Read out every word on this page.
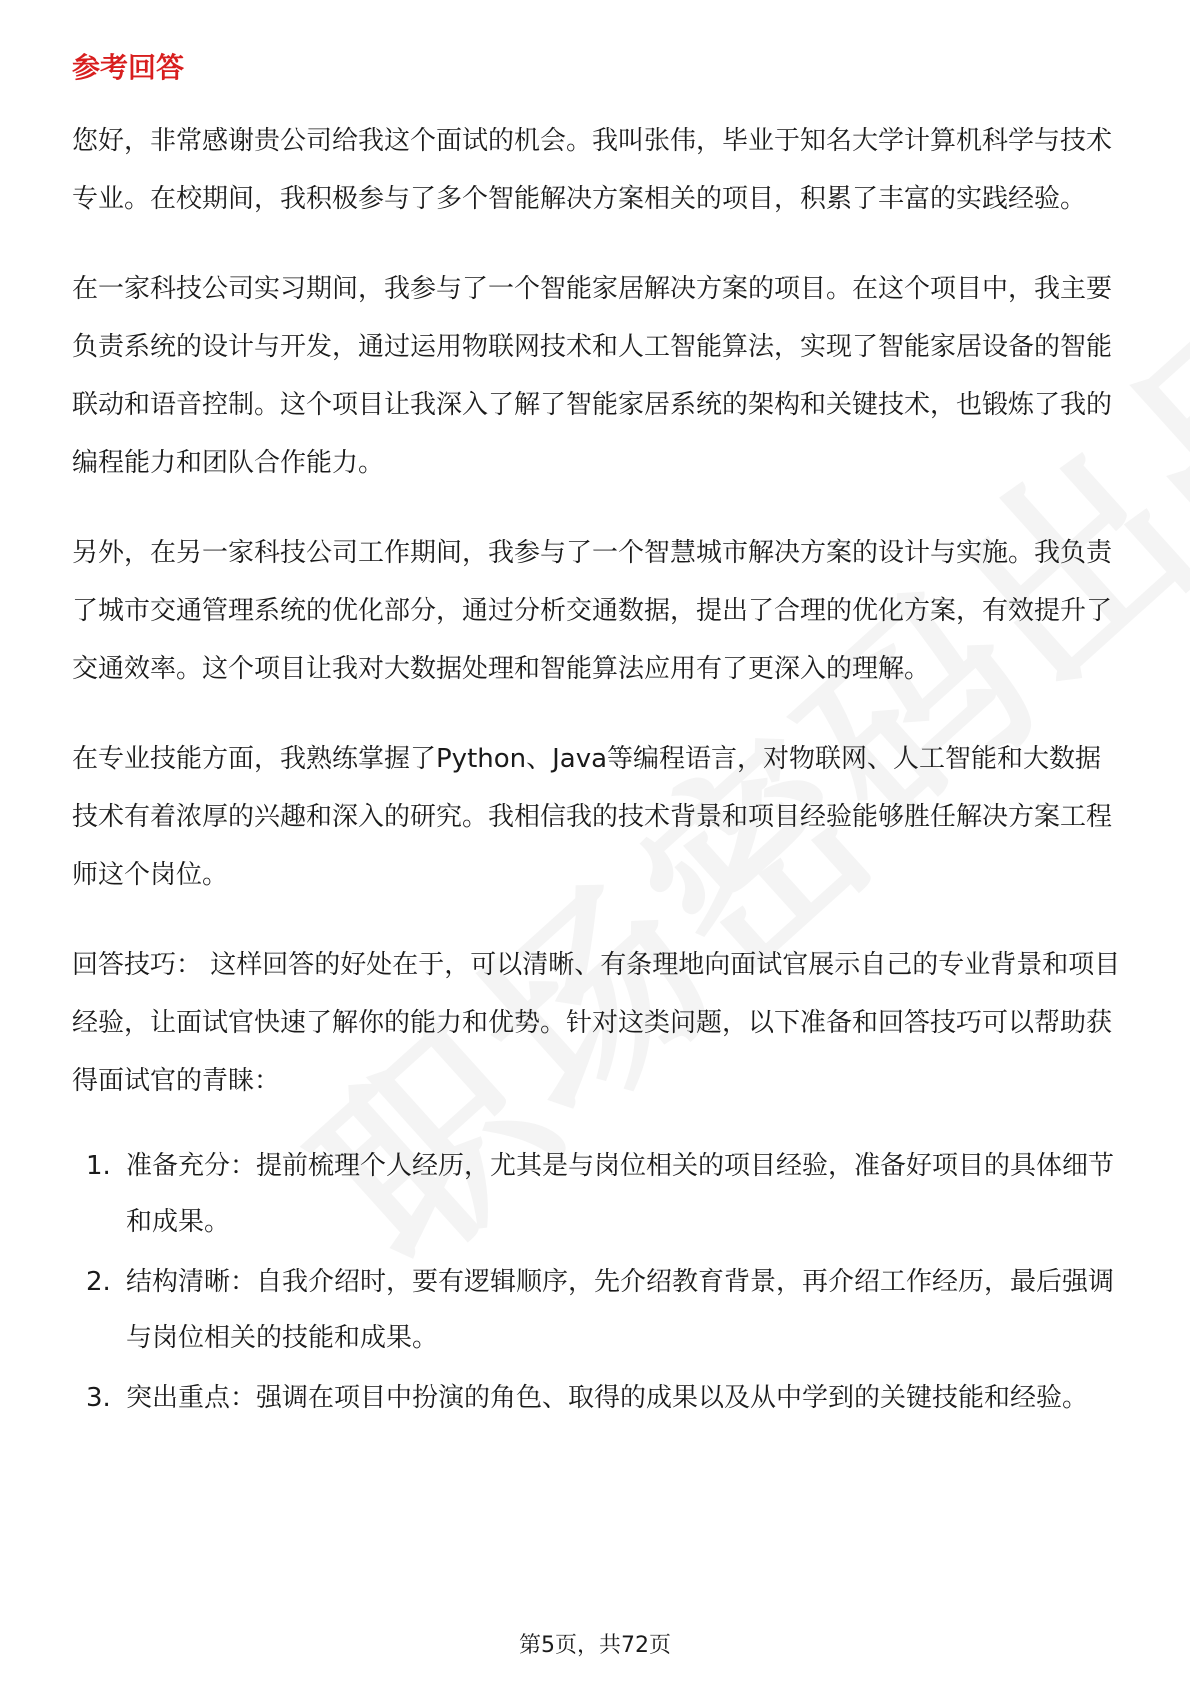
参考回答

您好，非常感谢贵公司给我这个面试的机会。我叫张伟，毕业于知名大学计算机科学与技术专业。在校期间，我积极参与了多个智能解决方案相关的项目，积累了丰富的实践经验。

在一家科技公司实习期间，我参与了一个智能家居解决方案的项目。在这个项目中，我主要负责系统的设计与开发，通过运用物联网技术和人工智能算法，实现了智能家居设备的智能联动和语音控制。这个项目让我深入了解了智能家居系统的架构和关键技术，也锻炼了我的编程能力和团队合作能力。

另外，在另一家科技公司工作期间，我参与了一个智慧城市解决方案的设计与实施。我负责了城市交通管理系统的优化部分，通过分析交通数据，提出了合理的优化方案，有效提升了交通效率。这个项目让我对大数据处理和智能算法应用有了更深入的理解。

在专业技能方面，我熟练掌握了Python、Java等编程语言，对物联网、人工智能和大数据技术有着浓厚的兴趣和深入的研究。我相信我的技术背景和项目经验能够胜任解决方案工程师这个岗位。

回答技巧： 这样回答的好处在于，可以清晰、有条理地向面试官展示自己的专业背景和项目经验，让面试官快速了解你的能力和优势。针对这类问题，以下准备和回答技巧可以帮助获得面试官的青睐：

1. 准备充分：提前梳理个人经历，尤其是与岗位相关的项目经验，准备好项目的具体细节和成果。
2. 结构清晰：自我介绍时，要有逻辑顺序，先介绍教育背景，再介绍工作经历，最后强调与岗位相关的技能和成果。
3. 突出重点：强调在项目中扮演的角色、取得的成果以及从中学到的关键技能和经验。
第5页，共72页
